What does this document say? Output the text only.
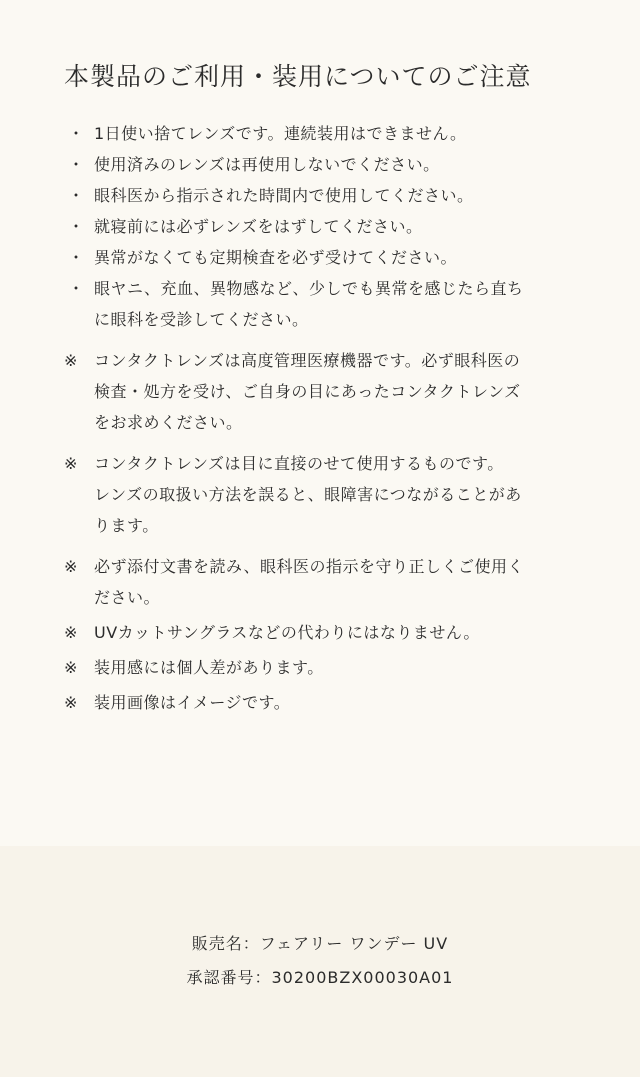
本製品のご利用・装用についてのご注意
・ 1日使い捨てレンズです。連続装用はできません。
・ 使用済みのレンズは再使用しないでください。
・ 眼科医から指示された時間内で使用してください。
・ 就寝前には必ずレンズをはずしてください。
・ 異常がなくても定期検査を必ず受けてください。
・ 眼ヤニ、充血、異物感など、少しでも異常を感じたら直ち
に眼科を受診してください。
※	コンタクトレンズは高度管理医療機器です。必ず眼科医の
検査・処方を受け、ご自身の目にあったコンタクトレンズ
をお求めください。
※	コンタクトレンズは目に直接のせて使用するものです。
レンズの取扱い方法を誤ると、眼障害につながることがあ
ります。
※	必ず添付文書を読み、眼科医の指示を守り正しくご使用く
ださい。
※	UVカットサングラスなどの代わりにはなりません。
※	装用感には個人差があります。
※	装用画像はイメージです。
販売名：フェアリー ワンデー UV
承認番号：30200BZX00030A01
